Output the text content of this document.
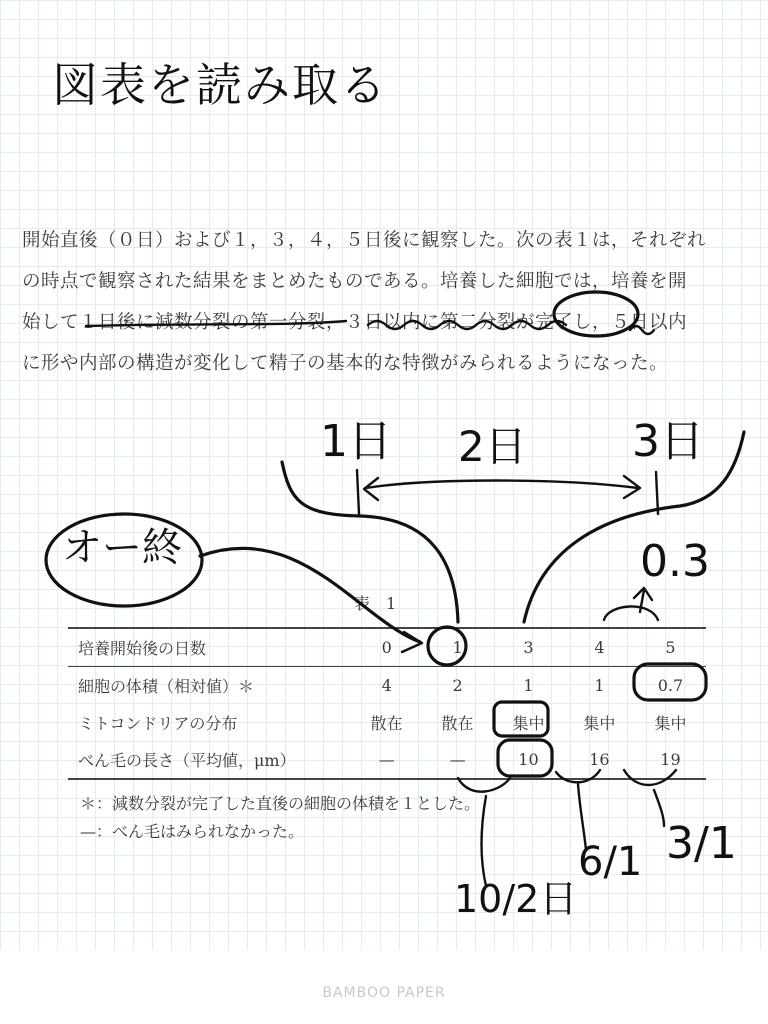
図表を読み取る

開始直後（０日）および１，３，４，５日後に観察した。次の表１は，それぞれ

の時点で観察された結果をまとめたものである。培養した細胞では，培養を開

始して１日後に減数分裂の第一分裂，３日以内に第二分裂が完了し，５日以内

に形や内部の構造が変化して精子の基本的な特徴がみられるようになった。

表　1
培養開始後の日数	0	1	3	4	5
細胞の体積（相対値）＊	4	2	1	1	0.7
ミトコンドリアの分布	散在	散在	集中	集中	集中
べん毛の長さ（平均値，μm）	—	—	10	16	19

＊：減数分裂が完了した直後の細胞の体積を１とした。

—：べん毛はみられなかった。

1日 2日 3日
オー終	0.3
10/2日
6/1 3/1
BAMBOO PAPER
